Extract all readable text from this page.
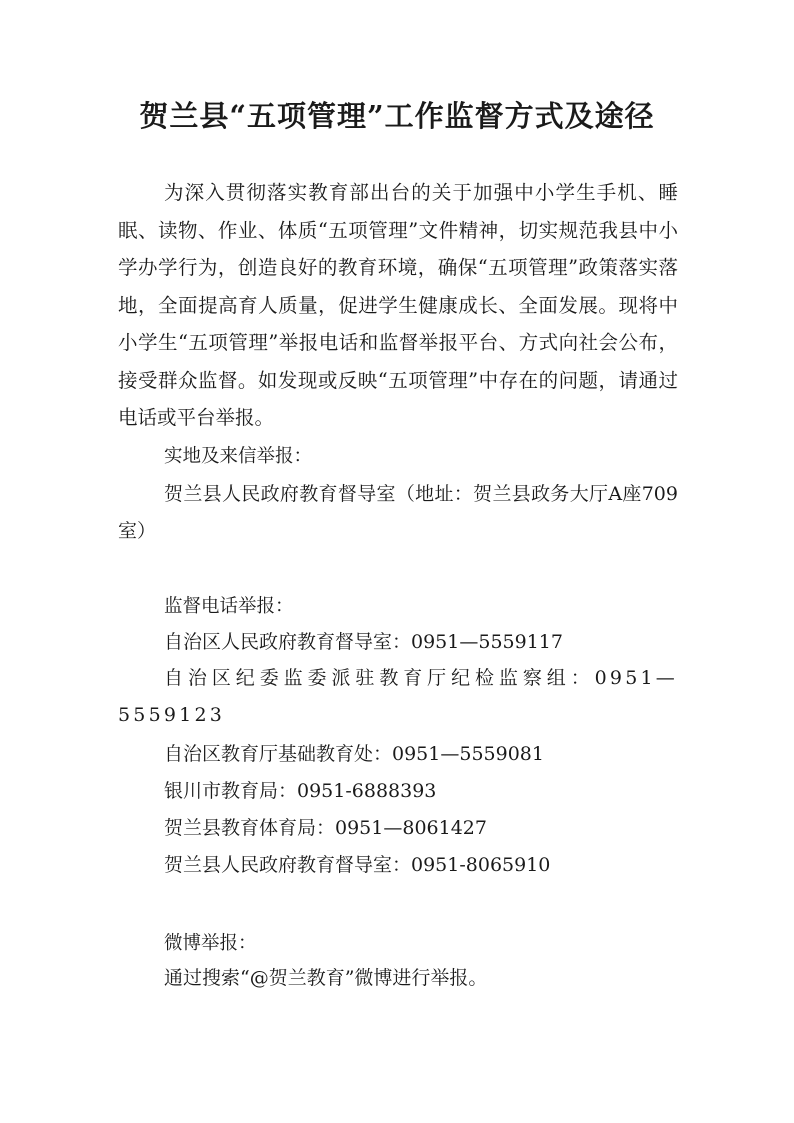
贺兰县“五项管理”工作监督方式及途径

为深入贯彻落实教育部出台的关于加强中小学生手机、睡眠、读物、作业、体质“五项管理”文件精神，切实规范我县中小学办学行为，创造良好的教育环境，确保“五项管理”政策落实落地，全面提高育人质量，促进学生健康成长、全面发展。现将中小学生“五项管理”举报电话和监督举报平台、方式向社会公布，接受群众监督。如发现或反映“五项管理”中存在的问题，请通过电话或平台举报。

实地及来信举报：

贺兰县人民政府教育督导室（地址：贺兰县政务大厅A座709室）

监督电话举报：

自治区人民政府教育督导室：0951—5559117

自治区纪委监委派驻教育厅纪检监察组：0951—5559123

自治区教育厅基础教育处：0951—5559081

银川市教育局：0951-6888393

贺兰县教育体育局：0951—8061427

贺兰县人民政府教育督导室：0951-8065910

微博举报：

通过搜索“@贺兰教育”微博进行举报。
